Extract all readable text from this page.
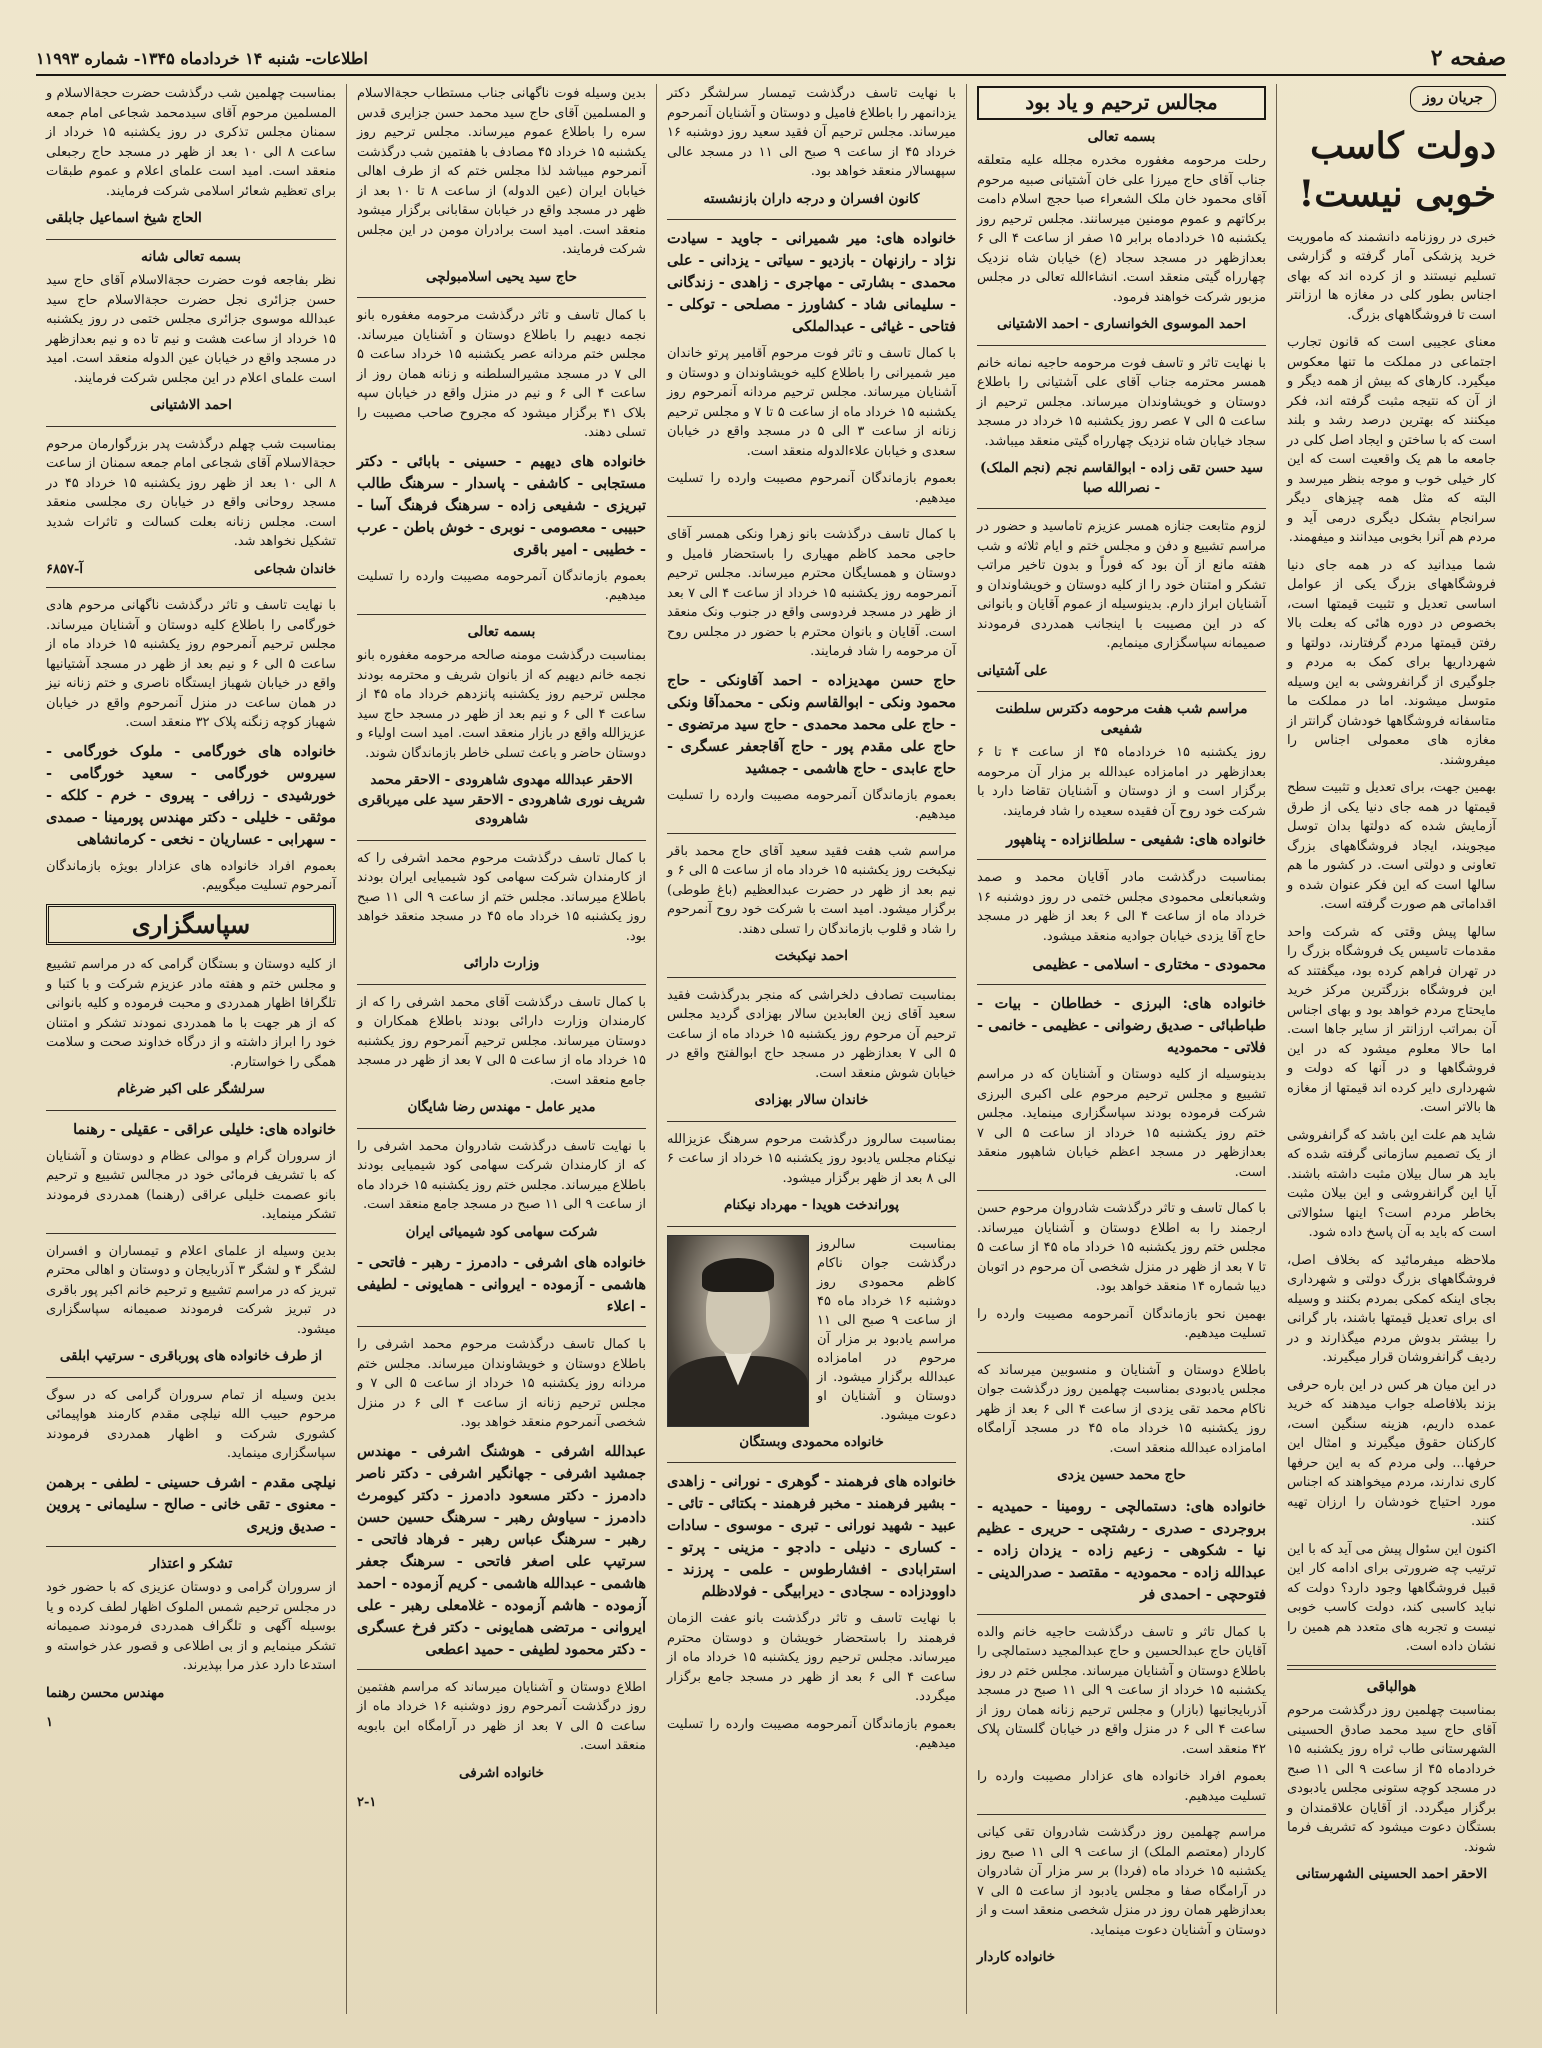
صفحه ۲
اطلاعات- شنبه ۱۴ خردادماه ۱۳۴۵- شماره ۱۱۹۹۳
جریان روز
دولت کاسب
خوبی نیست!

خبری در روزنامه دانشمند که ماموریت خرید پزشکی آمار گرفته و گزارشی تسلیم نیستند و از کرده اند که بهای اجناس بطور کلی در مغازه ها ارزانتر است تا فروشگاههای بزرگ.

معنای عجیبی است که قانون تجارب اجتماعی در مملکت ما تنها معکوس میگیرد. کارهای که بیش از همه دیگر و از آن که نتیجه مثبت گرفته اند، فکر میکنند که بهترین درصد رشد و بلند است که با ساختن و ایجاد اصل کلی در جامعه ما هم یک واقعیت است که این کار خیلی خوب و موجه بنظر میرسد و البته که مثل همه چیزهای دیگر سرانجام بشکل دیگری درمی آید و مردم هم آنرا بخوبی میدانند و میفهمند.

شما میدانید که در همه جای دنیا فروشگاههای بزرگ یکی از عوامل اساسی تعدیل و تثبیت قیمتها است، بخصوص در دوره هائی که بعلت بالا رفتن قیمتها مردم گرفتارند، دولتها و شهرداریها برای کمک به مردم و جلوگیری از گرانفروشی به این وسیله متوسل میشوند. اما در مملکت ما متاسفانه فروشگاهها خودشان گرانتر از مغازه های معمولی اجناس را میفروشند.

بهمین جهت، برای تعدیل و تثبیت سطح قیمتها در همه جای دنیا یکی از طرق آزمایش شده که دولتها بدان توسل میجویند، ایجاد فروشگاههای بزرگ تعاونی و دولتی است. در کشور ما هم سالها است که این فکر عنوان شده و اقداماتی هم صورت گرفته است.

سالها پیش وقتی که شرکت واحد مقدمات تاسیس یک فروشگاه بزرگ را در تهران فراهم کرده بود، میگفتند که این فروشگاه بزرگترین مرکز خرید مایحتاج مردم خواهد بود و بهای اجناس آن بمراتب ارزانتر از سایر جاها است. اما حالا معلوم میشود که در این فروشگاهها و در آنها که دولت و شهرداری دایر کرده اند قیمتها از مغازه ها بالاتر است.

شاید هم علت این باشد که گرانفروشی از یک تصمیم سازمانی گرفته شده که باید هر سال بیلان مثبت داشته باشند. آیا این گرانفروشی و این بیلان مثبت بخاطر مردم است؟ اینها سئوالاتی است که باید به آن پاسخ داده شود.

ملاحظه میفرمائید که بخلاف اصل، فروشگاههای بزرگ دولتی و شهرداری بجای اینکه کمکی بمردم بکنند و وسیله ای برای تعدیل قیمتها باشند، بار گرانی را بیشتر بدوش مردم میگذارند و در ردیف گرانفروشان قرار میگیرند.

در این میان هر کس در این باره حرفی بزند بلافاصله جواب میدهند که خرید عمده داریم، هزینه سنگین است، کارکنان حقوق میگیرند و امثال این حرفها... ولی مردم که به این حرفها کاری ندارند، مردم میخواهند که اجناس مورد احتیاج خودشان را ارزان تهیه کنند.

اکنون این سئوال پیش می آید که با این ترتیب چه ضرورتی برای ادامه کار این قبیل فروشگاهها وجود دارد؟ دولت که نباید کاسبی کند، دولت کاسب خوبی نیست و تجربه های متعدد هم همین را نشان داده است.

هوالباقی

بمناسبت چهلمین روز درگذشت مرحوم آقای حاج سید محمد صادق الحسینی الشهرستانی طاب ثراه روز یکشنبه ۱۵ خردادماه ۴۵ از ساعت ۹ الی ۱۱ صبح در مسجد کوچه ستونی مجلس یادبودی برگزار میگردد. از آقایان علاقمندان و بستگان دعوت میشود که تشریف فرما شوند.

الاحقر احمد الحسینی الشهرستانی
مجالس ترحیم و یاد بود
بسمه تعالی

رحلت مرحومه مغفوره مخدره مجلله علیه متعلقه جناب آقای حاج میرزا علی خان آشتیانی صبیه مرحوم آقای محمود خان ملک الشعراء صبا حجج اسلام دامت برکاتهم و عموم مومنین میرسانند. مجلس ترحیم روز یکشنبه ۱۵ خردادماه برابر ۱۵ صفر از ساعت ۴ الی ۶ بعدازظهر در مسجد سجاد (ع) خیابان شاه نزدیک چهارراه گیتی منعقد است. انشاءالله تعالی در مجلس مزبور شرکت خواهند فرمود.

احمد الموسوی الخوانساری - احمد الاشتیانی

با نهایت تاثر و تاسف فوت مرحومه حاجیه نمانه خانم همسر محترمه جناب آقای علی آشتیانی را باطلاع دوستان و خویشاوندان میرساند. مجلس ترحیم از ساعت ۵ الی ۷ عصر روز یکشنبه ۱۵ خرداد در مسجد سجاد خیابان شاه نزدیک چهارراه گیتی منعقد میباشد.

سید حسن تقی زاده - ابوالقاسم نجم (نجم الملک) - نصرالله صبا

لزوم متابعت جنازه همسر عزیزم تاماسید و حضور در مراسم تشییع و دفن و مجلس ختم و ایام ثلاثه و شب هفته مانع از آن بود که فوراً و بدون تاخیر مراتب تشکر و امتنان خود را از کلیه دوستان و خویشاوندان و آشنایان ابراز دارم. بدینوسیله از عموم آقایان و بانوانی که در این مصیبت با اینجانب همدردی فرمودند صمیمانه سپاسگزاری مینمایم.

علی آشتیانی
مراسم شب هفت مرحومه دکترس سلطنت شفیعی

روز یکشنبه ۱۵ خردادماه ۴۵ از ساعت ۴ تا ۶ بعدازظهر در امامزاده عبدالله بر مزار آن مرحومه برگزار است و از دوستان و آشنایان تقاضا دارد با شرکت خود روح آن فقیده سعیده را شاد فرمایند.

خانواده های: شفیعی - سلطانزاده - پناهپور

بمناسبت درگذشت مادر آقایان محمد و صمد وشعبانعلی محمودی مجلس ختمی در روز دوشنبه ۱۶ خرداد ماه از ساعت ۴ الی ۶ بعد از ظهر در مسجد حاج آقا یزدی خیابان جوادیه منعقد میشود.

محمودی - مختاری - اسلامی - عظیمی
خانواده های: البرزی - خطاطان - بیات - طباطبائی - صدیق رضوانی - عظیمی - خانمی - فلاتی - محمودیه

بدینوسیله از کلیه دوستان و آشنایان که در مراسم تشییع و مجلس ترحیم مرحوم علی اکبری البرزی شرکت فرموده بودند سپاسگزاری مینماید. مجلس ختم روز یکشنبه ۱۵ خرداد از ساعت ۵ الی ۷ بعدازظهر در مسجد اعظم خیابان شاهپور منعقد است.

با کمال تاسف و تاثر درگذشت شادروان مرحوم حسن ارجمند را به اطلاع دوستان و آشنایان میرساند. مجلس ختم روز یکشنبه ۱۵ خرداد ماه ۴۵ از ساعت ۵ تا ۷ بعد از ظهر در منزل شخصی آن مرحوم در اتوبان دیبا شماره ۱۴ منعقد خواهد بود.

بهمین نحو بازماندگان آنمرحومه مصیبت وارده را تسلیت میدهیم.

باطلاع دوستان و آشنایان و منسوبین میرساند که مجلس یادبودی بمناسبت چهلمین روز درگذشت جوان ناکام محمد تقی یزدی از ساعت ۴ الی ۶ بعد از ظهر روز یکشنبه ۱۵ خرداد ماه ۴۵ در مسجد آرامگاه امامزاده عبدالله منعقد است.

حاج محمد حسین یزدی
خانواده های: دستمالچی - رومینا - حمیدیه - بروجردی - صدری - رشتچی - حریری - عظیم نیا - شکوهی - زعیم زاده - یزدان زاده - عبدالله زاده - محمودیه - مقتصد - صدرالدینی - فتوحچی - احمدی فر

با کمال تاثر و تاسف درگذشت حاجیه خانم والده آقایان حاج عبدالحسین و حاج عبدالمجید دستمالچی را باطلاع دوستان و آشنایان میرساند. مجلس ختم در روز یکشنبه ۱۵ خرداد از ساعت ۹ الی ۱۱ صبح در مسجد آذربایجانیها (بازار) و مجلس ترحیم زنانه همان روز از ساعت ۴ الی ۶ در منزل واقع در خیابان گلستان پلاک ۴۲ منعقد است.

بعموم افراد خانواده های عزادار مصیبت وارده را تسلیت میدهیم.

مراسم چهلمین روز درگذشت شادروان تقی کیانی کاردار (معتصم الملک) از ساعت ۹ الی ۱۱ صبح روز یکشنبه ۱۵ خرداد ماه (فردا) بر سر مزار آن شادروان در آرامگاه صفا و مجلس یادبود از ساعت ۵ الی ۷ بعدازظهر همان روز در منزل شخصی منعقد است و از دوستان و آشنایان دعوت مینماید.

خانواده کاردار

با نهایت تاسف درگذشت تیمسار سرلشگر دکتر یزدانمهر را باطلاع فامیل و دوستان و آشنایان آنمرحوم میرساند. مجلس ترحیم آن فقید سعید روز دوشنبه ۱۶ خرداد ۴۵ از ساعت ۹ صبح الی ۱۱ در مسجد عالی سپهسالار منعقد خواهد بود.

کانون افسران و درجه داران بازنشسته
خانواده های: میر شمیرانی - جاوید - سیادت نژاد - رازنهان - بازدیو - سیاتی - یزدانی - علی محمدی - بشارتی - مهاجری - زاهدی - زندگانی - سلیمانی شاد - کشاورز - مصلحی - توکلی - فتاحی - غیاثی - عبدالملکی

با کمال تاسف و تاثر فوت مرحوم آقامیر پرتو خاندان میر شمیرانی را باطلاع کلیه خویشاوندان و دوستان و آشنایان میرساند. مجلس ترحیم مردانه آنمرحوم روز یکشنبه ۱۵ خرداد ماه از ساعت ۵ تا ۷ و مجلس ترحیم زنانه از ساعت ۳ الی ۵ در مسجد واقع در خیابان سعدی و خیابان علاءالدوله منعقد است.

بعموم بازماندگان آنمرحوم مصیبت وارده را تسلیت میدهیم.

با کمال تاسف درگذشت بانو زهرا ونکی همسر آقای حاجی محمد کاظم مهیاری را باستحضار فامیل و دوستان و همسایگان محترم میرساند. مجلس ترحیم آنمرحومه روز یکشنبه ۱۵ خرداد از ساعت ۴ الی ۷ بعد از ظهر در مسجد فردوسی واقع در جنوب ونک منعقد است. آقایان و بانوان محترم با حضور در مجلس روح آن مرحومه را شاد فرمایند.

حاج حسن مهدیزاده - احمد آقاونکی - حاج محمود ونکی - ابوالقاسم ونکی - محمدآقا ونکی - حاج علی محمد محمدی - حاج سید مرتضوی - حاج علی مقدم پور - حاج آقاجعفر عسگری - حاج عابدی - حاج هاشمی - جمشید

بعموم بازماندگان آنمرحومه مصیبت وارده را تسلیت میدهیم.

مراسم شب هفت فقید سعید آقای حاج محمد باقر نیکبخت روز یکشنبه ۱۵ خرداد ماه از ساعت ۵ الی ۶ و نیم بعد از ظهر در حضرت عبدالعظیم (باغ طوطی) برگزار میشود. امید است با شرکت خود روح آنمرحوم را شاد و قلوب بازماندگان را تسلی دهند.

احمد نیکبخت

بمناسبت تصادف دلخراشی که منجر بدرگذشت فقید سعید آقای زین العابدین سالار بهزادی گردید مجلس ترحیم آن مرحوم روز یکشنبه ۱۵ خرداد ماه از ساعت ۵ الی ۷ بعدازظهر در مسجد حاج ابوالفتح واقع در خیابان شوش منعقد است.

خاندان سالار بهزادی

بمناسبت سالروز درگذشت مرحوم سرهنگ عزیزالله نیکنام مجلس یادبود روز یکشنبه ۱۵ خرداد از ساعت ۶ الی ۸ بعد از ظهر برگزار میشود.

پوراندخت هویدا - مهرداد نیکنام
بمناسبت سالروز درگذشت جوان ناکام کاظم محمودی روز دوشنبه ۱۶ خرداد ماه ۴۵ از ساعت ۹ صبح الی ۱۱ مراسم یادبود بر مزار آن مرحوم در امامزاده عبدالله برگزار میشود. از دوستان و آشنایان او دعوت میشود.
خانواده محمودی وبستگان
خانواده های فرهمند - گوهری - نورانی - زاهدی - بشیر فرهمند - مخبر فرهمند - بکتائی - تائی - عبید - شهید نورانی - تبری - موسوی - سادات - کساری - دنیلی - دادجو - مزینی - پرتو - استرابادی - افشارطوس - علمی - پرزند - داوودزاده - سجادی - دیرابیگی - فولادظلم

با نهایت تاسف و تاثر درگذشت بانو عفت الزمان فرهمند را باستحضار خویشان و دوستان محترم میرساند. مجلس ترحیم روز یکشنبه ۱۵ خرداد ماه از ساعت ۴ الی ۶ بعد از ظهر در مسجد جامع برگزار میگردد.

بعموم بازماندگان آنمرحومه مصیبت وارده را تسلیت میدهیم.

بدین وسیله فوت ناگهانی جناب مستطاب حجةالاسلام و المسلمین آقای حاج سید محمد حسن جزایری قدس سره را باطلاع عموم میرساند. مجلس ترحیم روز یکشنبه ۱۵ خرداد ۴۵ مصادف با هفتمین شب درگذشت آنمرحوم میباشد لذا مجلس ختم که از طرف اهالی خیابان ایران (عین الدوله) از ساعت ۸ تا ۱۰ بعد از ظهر در مسجد واقع در خیابان سقابانی برگزار میشود منعقد است. امید است برادران مومن در این مجلس شرکت فرمایند.

حاج سید یحیی اسلامبولچی

با کمال تاسف و تاثر درگذشت مرحومه مغفوره بانو نجمه دیهیم را باطلاع دوستان و آشنایان میرساند. مجلس ختم مردانه عصر یکشنبه ۱۵ خرداد ساعت ۵ الی ۷ در مسجد مشیرالسلطنه و زنانه همان روز از ساعت ۴ الی ۶ و نیم در منزل واقع در خیابان سپه بلاک ۴۱ برگزار میشود که مجروح صاحب مصیبت را تسلی دهند.

خانواده های دیهیم - حسینی - بابائی - دکتر مستجابی - کاشفی - پاسدار - سرهنگ طالب تبریزی - شفیعی زاده - سرهنگ فرهنگ آسا - حبیبی - معصومی - نوبری - خوش باطن - عرب - خطیبی - امیر باقری

بعموم بازماندگان آنمرحومه مصیبت وارده را تسلیت میدهیم.

بسمه تعالی

بمناسبت درگذشت مومنه صالحه مرحومه مغفوره بانو نجمه خانم دیهیم که از بانوان شریف و محترمه بودند مجلس ترحیم روز یکشنبه پانزدهم خرداد ماه ۴۵ از ساعت ۴ الی ۶ و نیم بعد از ظهر در مسجد حاج سید عزیزالله واقع در بازار منعقد است. امید است اولیاء و دوستان حاضر و باعث تسلی خاطر بازماندگان شوند.

الاحقر عبدالله مهدوی شاهرودی - الاحقر محمد شریف نوری شاهرودی - الاحقر سید علی میرباقری شاهرودی

با کمال تاسف درگذشت مرحوم محمد اشرفی را که از کارمندان شرکت سهامی کود شیمیایی ایران بودند باطلاع میرساند. مجلس ختم از ساعت ۹ الی ۱۱ صبح روز یکشنبه ۱۵ خرداد ماه ۴۵ در مسجد منعقد خواهد بود.

وزارت دارائی

با کمال تاسف درگذشت آقای محمد اشرفی را که از کارمندان وزارت دارائی بودند باطلاع همکاران و دوستان میرساند. مجلس ترحیم آنمرحوم روز یکشنبه ۱۵ خرداد ماه از ساعت ۵ الی ۷ بعد از ظهر در مسجد جامع منعقد است.

مدیر عامل - مهندس رضا شایگان

با نهایت تاسف درگذشت شادروان محمد اشرفی را که از کارمندان شرکت سهامی کود شیمیایی بودند باطلاع میرساند. مجلس ختم روز یکشنبه ۱۵ خرداد ماه از ساعت ۹ الی ۱۱ صبح در مسجد جامع منعقد است.

شرکت سهامی کود شیمیائی ایران
خانواده های اشرفی - دادمرز - رهبر - فاتحی - هاشمی - آزموده - ایروانی - همایونی - لطیفی - اعلاء

با کمال تاسف درگذشت مرحوم محمد اشرفی را باطلاع دوستان و خویشاوندان میرساند. مجلس ختم مردانه روز یکشنبه ۱۵ خرداد از ساعت ۵ الی ۷ و مجلس ترحیم زنانه از ساعت ۴ الی ۶ در منزل شخصی آنمرحوم منعقد خواهد بود.

عبدالله اشرفی - هوشنگ اشرفی - مهندس جمشید اشرفی - جهانگیر اشرفی - دکتر ناصر دادمرز - دکتر مسعود دادمرز - دکتر کیومرث دادمرز - سیاوش رهبر - سرهنگ حسین حسن رهبر - سرهنگ عباس رهبر - فرهاد فاتحی - سرتیپ علی اصغر فاتحی - سرهنگ جعفر هاشمی - عبدالله هاشمی - کریم آزموده - احمد آزموده - هاشم آزموده - غلامعلی رهبر - علی ایروانی - مرتضی همایونی - دکتر فرخ عسگری - دکتر محمود لطیفی - حمید اعطعی

اطلاع دوستان و آشنایان میرساند که مراسم هفتمین روز درگذشت آنمرحوم روز دوشنبه ۱۶ خرداد ماه از ساعت ۵ الی ۷ بعد از ظهر در آرامگاه ابن بابویه منعقد است.

خانواده اشرفی
۲-۱

بمناسبت چهلمین شب درگذشت حضرت حجةالاسلام و المسلمین مرحوم آقای سیدمحمد شجاعی امام جمعه سمنان مجلس تذکری در روز یکشنبه ۱۵ خرداد از ساعت ۸ الی ۱۰ بعد از ظهر در مسجد حاج رجبعلی منعقد است. امید است علمای اعلام و عموم طبقات برای تعظیم شعائر اسلامی شرکت فرمایند.

الحاج شیخ اسماعیل جابلقی
بسمه تعالی شانه

نظر بفاجعه فوت حضرت حجةالاسلام آقای حاج سید حسن جزائری نجل حضرت حجةالاسلام حاج سید عبدالله موسوی جزائری مجلس ختمی در روز یکشنبه ۱۵ خرداد از ساعت هشت و نیم تا ده و نیم بعدازظهر در مسجد واقع در خیابان عین الدوله منعقد است. امید است علمای اعلام در این مجلس شرکت فرمایند.

احمد الاشتیانی

بمناسبت شب چهلم درگذشت پدر بزرگوارمان مرحوم حجةالاسلام آقای شجاعی امام جمعه سمنان از ساعت ۸ الی ۱۰ بعد از ظهر روز یکشنبه ۱۵ خرداد ۴۵ در مسجد روحانی واقع در خیابان ری مجلسی منعقد است. مجلس زنانه بعلت کسالت و تاثرات شدید تشکیل نخواهد شد.

خاندان شجاعی
آ-۶۸۵۷

با نهایت تاسف و تاثر درگذشت ناگهانی مرحوم هادی خورگامی را باطلاع کلیه دوستان و آشنایان میرساند. مجلس ترحیم آنمرحوم روز یکشنبه ۱۵ خرداد ماه از ساعت ۵ الی ۶ و نیم بعد از ظهر در مسجد آشتیانیها واقع در خیابان شهباز ایستگاه ناصری و ختم زنانه نیز در همان ساعت در منزل آنمرحوم واقع در خیابان شهباز کوچه زنگنه پلاک ۳۲ منعقد است.

خانواده های خورگامی - ملوک خورگامی - سیروس خورگامی - سعید خورگامی - خورشیدی - زرافی - پیروی - خرم - کلکه - موثقی - خلیلی - دکتر مهندس پورمینا - صمدی - سهرابی - عساریان - نخعی - کرمانشاهی

بعموم افراد خانواده های عزادار بویژه بازماندگان آنمرحوم تسلیت میگوییم.

سپاسگزاری

از کلیه دوستان و بستگان گرامی که در مراسم تشییع و مجلس ختم و هفته مادر عزیزم شرکت و با کتبا و تلگرافا اظهار همدردی و محبت فرموده و کلیه بانوانی که از هر جهت با ما همدردی نمودند تشکر و امتنان خود را ابراز داشته و از درگاه خداوند صحت و سلامت همگی را خواستارم.

سرلشگر علی اکبر ضرغام
خانواده های: خلیلی عراقی - عقیلی - رهنما

از سروران گرام و موالی عظام و دوستان و آشنایان که با تشریف فرمائی خود در مجالس تشییع و ترحیم بانو عصمت خلیلی عراقی (رهنما) همدردی فرمودند تشکر مینماید.

بدین وسیله از علمای اعلام و تیمساران و افسران لشگر ۴ و لشگر ۳ آذربایجان و دوستان و اهالی محترم تبریز که در مراسم تشییع و ترحیم خانم اکبر پور باقری در تبریز شرکت فرمودند صمیمانه سپاسگزاری میشود.

از طرف خانواده های پورباقری - سرتیپ ابلقی

بدین وسیله از تمام سروران گرامی که در سوگ مرحوم حبیب الله نیلچی مقدم کارمند هواپیمائی کشوری شرکت و اظهار همدردی فرمودند سپاسگزاری مینماید.

نیلچی مقدم - اشرف حسینی - لطفی - برهمن - معنوی - تقی خانی - صالح - سلیمانی - پروین - صدیق وزیری
تشکر و اعتذار

از سروران گرامی و دوستان عزیزی که با حضور خود در مجلس ترحیم شمس الملوک اظهار لطف کرده و یا بوسیله آگهی و تلگراف همدردی فرمودند صمیمانه تشکر مینمایم و از بی اطلاعی و قصور عذر خواسته و استدعا دارد عذر مرا بپذیرند.

مهندس محسن رهنما
۱
